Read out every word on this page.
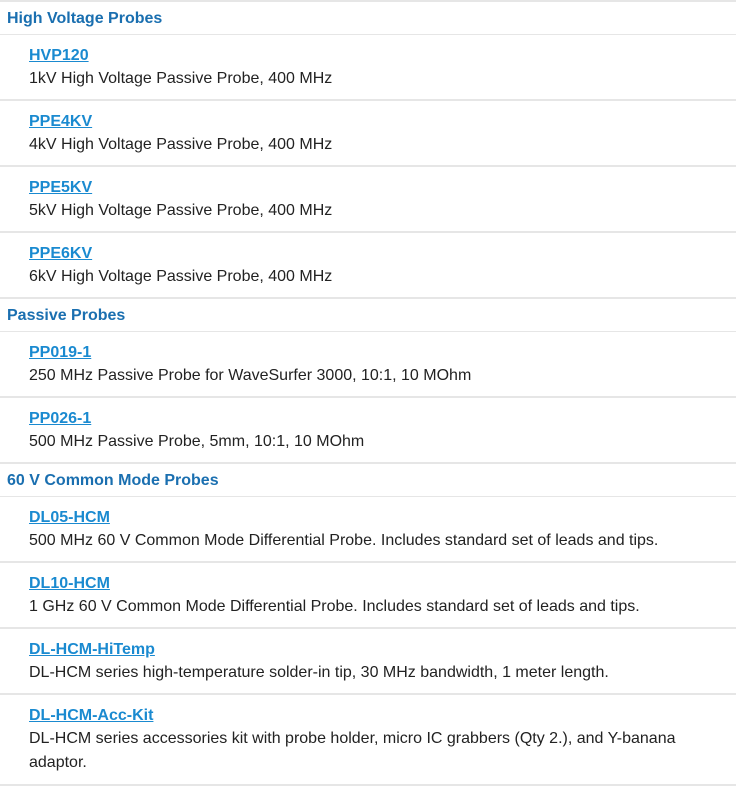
High Voltage Probes
HVP120
1kV High Voltage Passive Probe, 400 MHz
PPE4KV
4kV High Voltage Passive Probe, 400 MHz
PPE5KV
5kV High Voltage Passive Probe, 400 MHz
PPE6KV
6kV High Voltage Passive Probe, 400 MHz
Passive Probes
PP019-1
250 MHz Passive Probe for WaveSurfer 3000, 10:1, 10 MOhm
PP026-1
500 MHz Passive Probe, 5mm, 10:1, 10 MOhm
60 V Common Mode Probes
DL05-HCM
500 MHz 60 V Common Mode Differential Probe. Includes standard set of leads and tips.
DL10-HCM
1 GHz 60 V Common Mode Differential Probe. Includes standard set of leads and tips.
DL-HCM-HiTemp
DL-HCM series high-temperature solder-in tip, 30 MHz bandwidth, 1 meter length.
DL-HCM-Acc-Kit
DL-HCM series accessories kit with probe holder, micro IC grabbers (Qty 2.), and Y-banana adaptor.
